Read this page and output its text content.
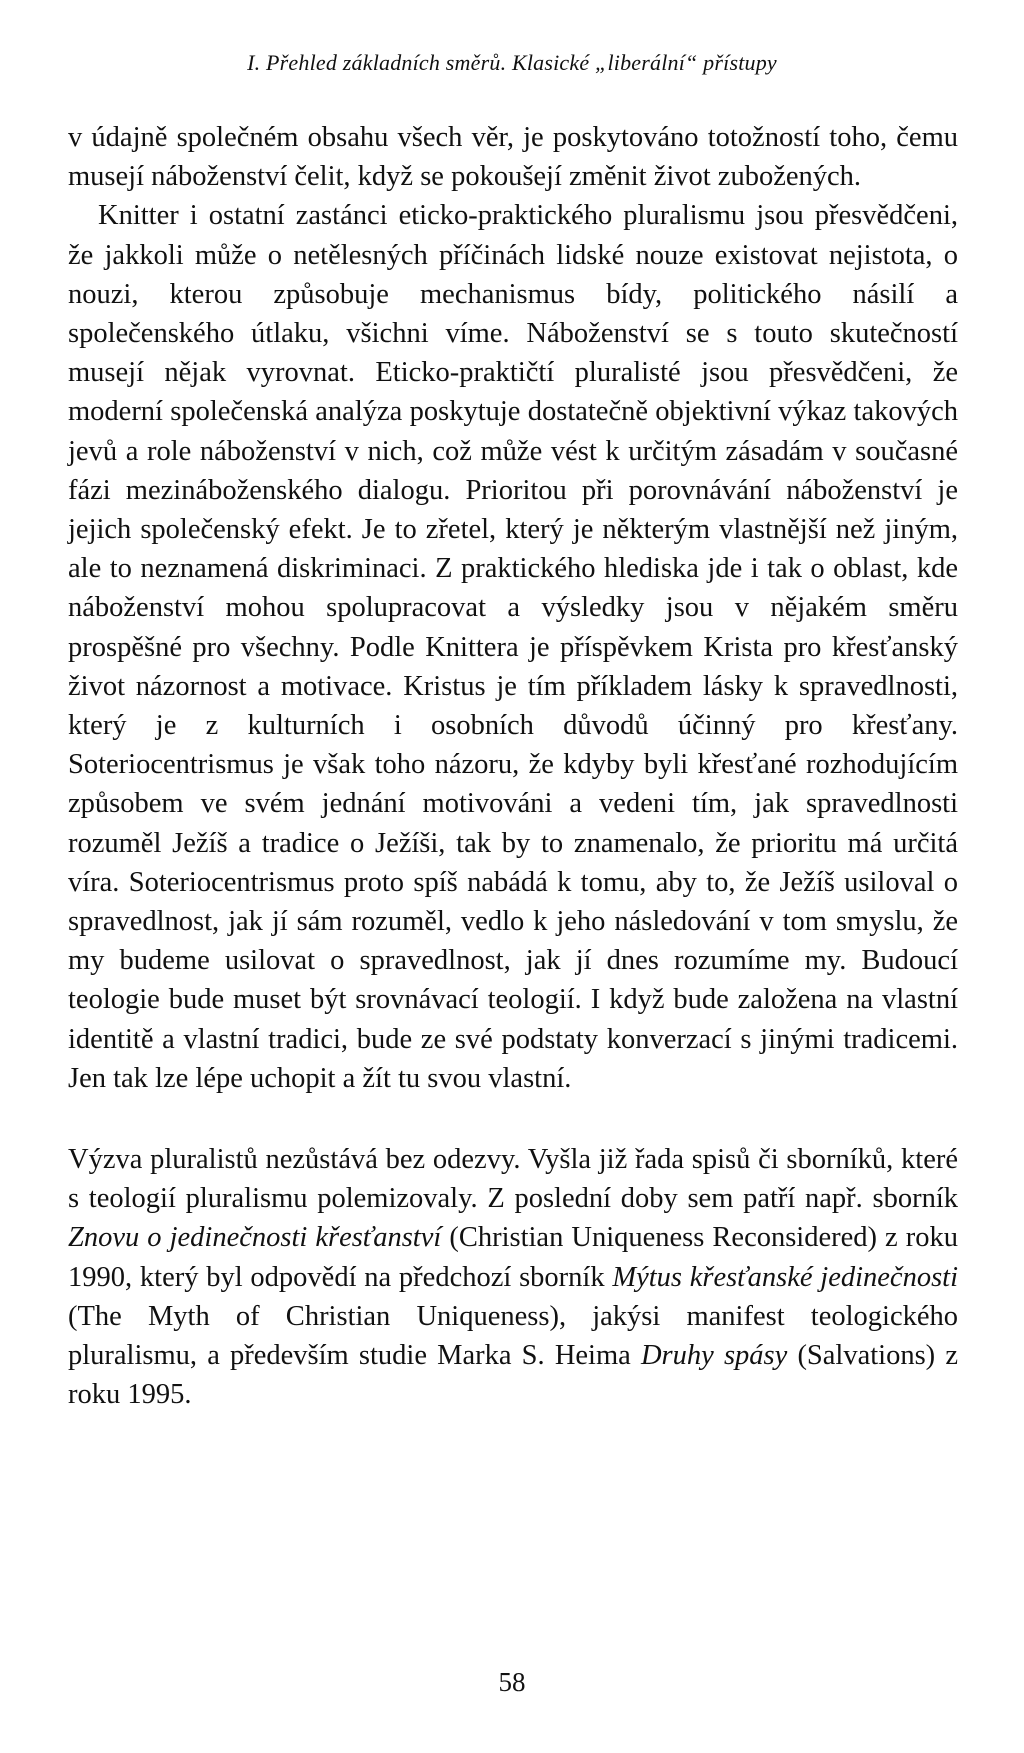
I. Přehled základních směrů. Klasické „liberální“ přístupy

v údajně společném obsahu všech věr, je poskytováno totožností toho, čemu musejí náboženství čelit, když se pokoušejí změnit život zubožených.

Knitter i ostatní zastánci eticko-praktického pluralismu jsou přesvědčeni, že jakkoli může o netělesných příčinách lidské nouze existovat nejistota, o nouzi, kterou způsobuje mechanismus bídy, politického násilí a společenského útlaku, všichni víme. Náboženství se s touto skutečností musejí nějak vyrovnat. Eticko-praktičtí pluralisté jsou přesvědčeni, že moderní společenská analýza poskytuje dostatečně objektivní výkaz takových jevů a role náboženství v nich, což může vést k určitým zásadám v současné fázi mezináboženského dialogu. Prioritou při porovnávání náboženství je jejich společenský efekt. Je to zřetel, který je některým vlastnější než jiným, ale to neznamená diskriminaci. Z praktického hlediska jde i tak o oblast, kde náboženství mohou spolupracovat a výsledky jsou v nějakém směru prospěšné pro všechny. Podle Knittera je příspěvkem Krista pro křesťanský život názornost a motivace. Kristus je tím příkladem lásky k spravedlnosti, který je z kulturních i osobních důvodů účinný pro křesťany. Soteriocentrismus je však toho názoru, že kdyby byli křesťané rozhodujícím způsobem ve svém jednání motivováni a vedeni tím, jak spravedlnosti rozuměl Ježíš a tradice o Ježíši, tak by to znamenalo, že prioritu má určitá víra. Soteriocentrismus proto spíš nabádá k tomu, aby to, že Ježíš usiloval o spravedlnost, jak jí sám rozuměl, vedlo k jeho následování v tom smyslu, že my budeme usilovat o spravedlnost, jak jí dnes rozumíme my. Budoucí teologie bude muset být srovnávací teologií. I když bude založena na vlastní identitě a vlastní tradici, bude ze své podstaty konverzací s jinými tradicemi. Jen tak lze lépe uchopit a žít tu svou vlastní.

Výzva pluralistů nezůstává bez odezvy. Vyšla již řada spisů či sborníků, které s teologií pluralismu polemizovaly. Z poslední doby sem patří např. sborník Znovu o jedinečnosti křesťanství (Christian Uniqueness Reconsidered) z roku 1990, který byl odpovědí na předchozí sborník Mýtus křesťanské jedinečnosti (The Myth of Christian Uniqueness), jakýsi manifest teologického pluralismu, a především studie Marka S. Heima Druhy spásy (Salvations) z roku 1995.

58
